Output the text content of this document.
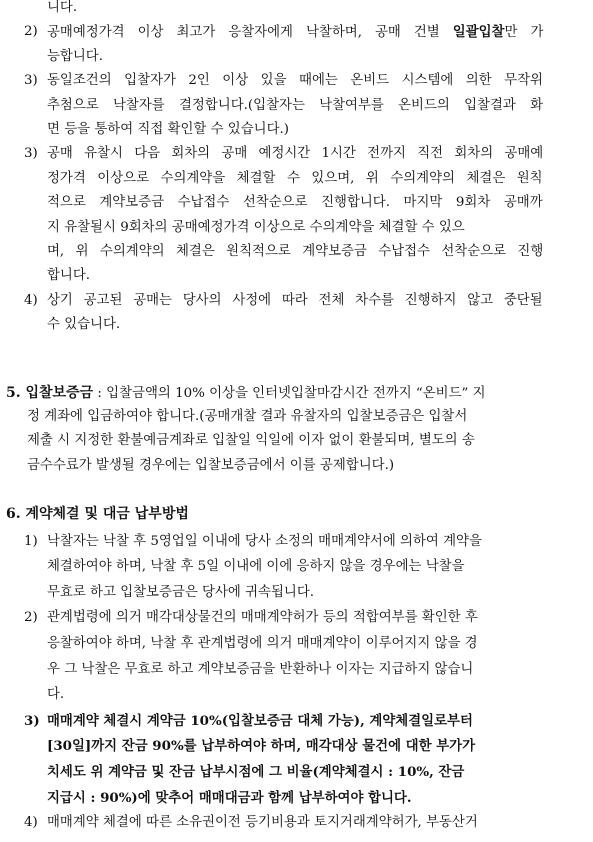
니다.
2) 공매예정가격 이상 최고가 응찰자에게 낙찰하며, 공매 건별 일괄입찰만 가
능합니다.
3) 동일조건의 입찰자가 2인 이상 있을 때에는 온비드 시스템에 의한 무작위
추첨으로 낙찰자를 결정합니다.(입찰자는 낙찰여부를 온비드의 입찰결과 화
면 등을 통하여 직접 확인할 수 있습니다.)
3) 공매 유찰시 다음 회차의 공매 예정시간 1시간 전까지 직전 회차의 공매예
정가격 이상으로 수의계약을 체결할 수 있으며, 위 수의계약의 체결은 원칙
적으로 계약보증금 수납접수 선착순으로 진행합니다. 마지막 9회차 공매까
지 유찰될시 9회차의 공매예정가격 이상으로 수의계약을 체결할 수 있으
며, 위 수의계약의 체결은 원칙적으로 계약보증금 수납접수 선착순으로 진행
합니다.
4) 상기 공고된 공매는 당사의 사정에 따라 전체 차수를 진행하지 않고 중단될
수 있습니다.
5. 입찰보증금 : 입찰금액의 10% 이상을 인터넷입찰마감시간 전까지 “온비드” 지
정 계좌에 입금하여야 합니다.(공매개찰 결과 유찰자의 입찰보증금은 입찰서
제출 시 지정한 환불예금계좌로 입찰일 익일에 이자 없이 환불되며, 별도의 송
금수수료가 발생될 경우에는 입찰보증금에서 이를 공제합니다.)
6. 계약체결 및 대금 납부방법
1) 낙찰자는 낙찰 후 5영업일 이내에 당사 소정의 매매계약서에 의하여 계약을
체결하여야 하며, 낙찰 후 5일 이내에 이에 응하지 않을 경우에는 낙찰을
무효로 하고 입찰보증금은 당사에 귀속됩니다.
2) 관계법령에 의거 매각대상물건의 매매계약허가 등의 적합여부를 확인한 후
응찰하여야 하며, 낙찰 후 관계법령에 의거 매매계약이 이루어지지 않을 경
우 그 낙찰은 무효로 하고 계약보증금을 반환하나 이자는 지급하지 않습니
다.
3) 매매계약 체결시 계약금 10%(입찰보증금 대체 가능), 계약체결일로부터
[30일]까지 잔금 90%를 납부하여야 하며, 매각대상 물건에 대한 부가가
치세도 위 계약금 및 잔금 납부시점에 그 비율(계약체결시 : 10%, 잔금
지급시 : 90%)에 맞추어 매매대금과 함께 납부하여야 합니다.
4) 매매계약 체결에 따른 소유권이전 등기비용과 토지거래계약허가, 부동산거
